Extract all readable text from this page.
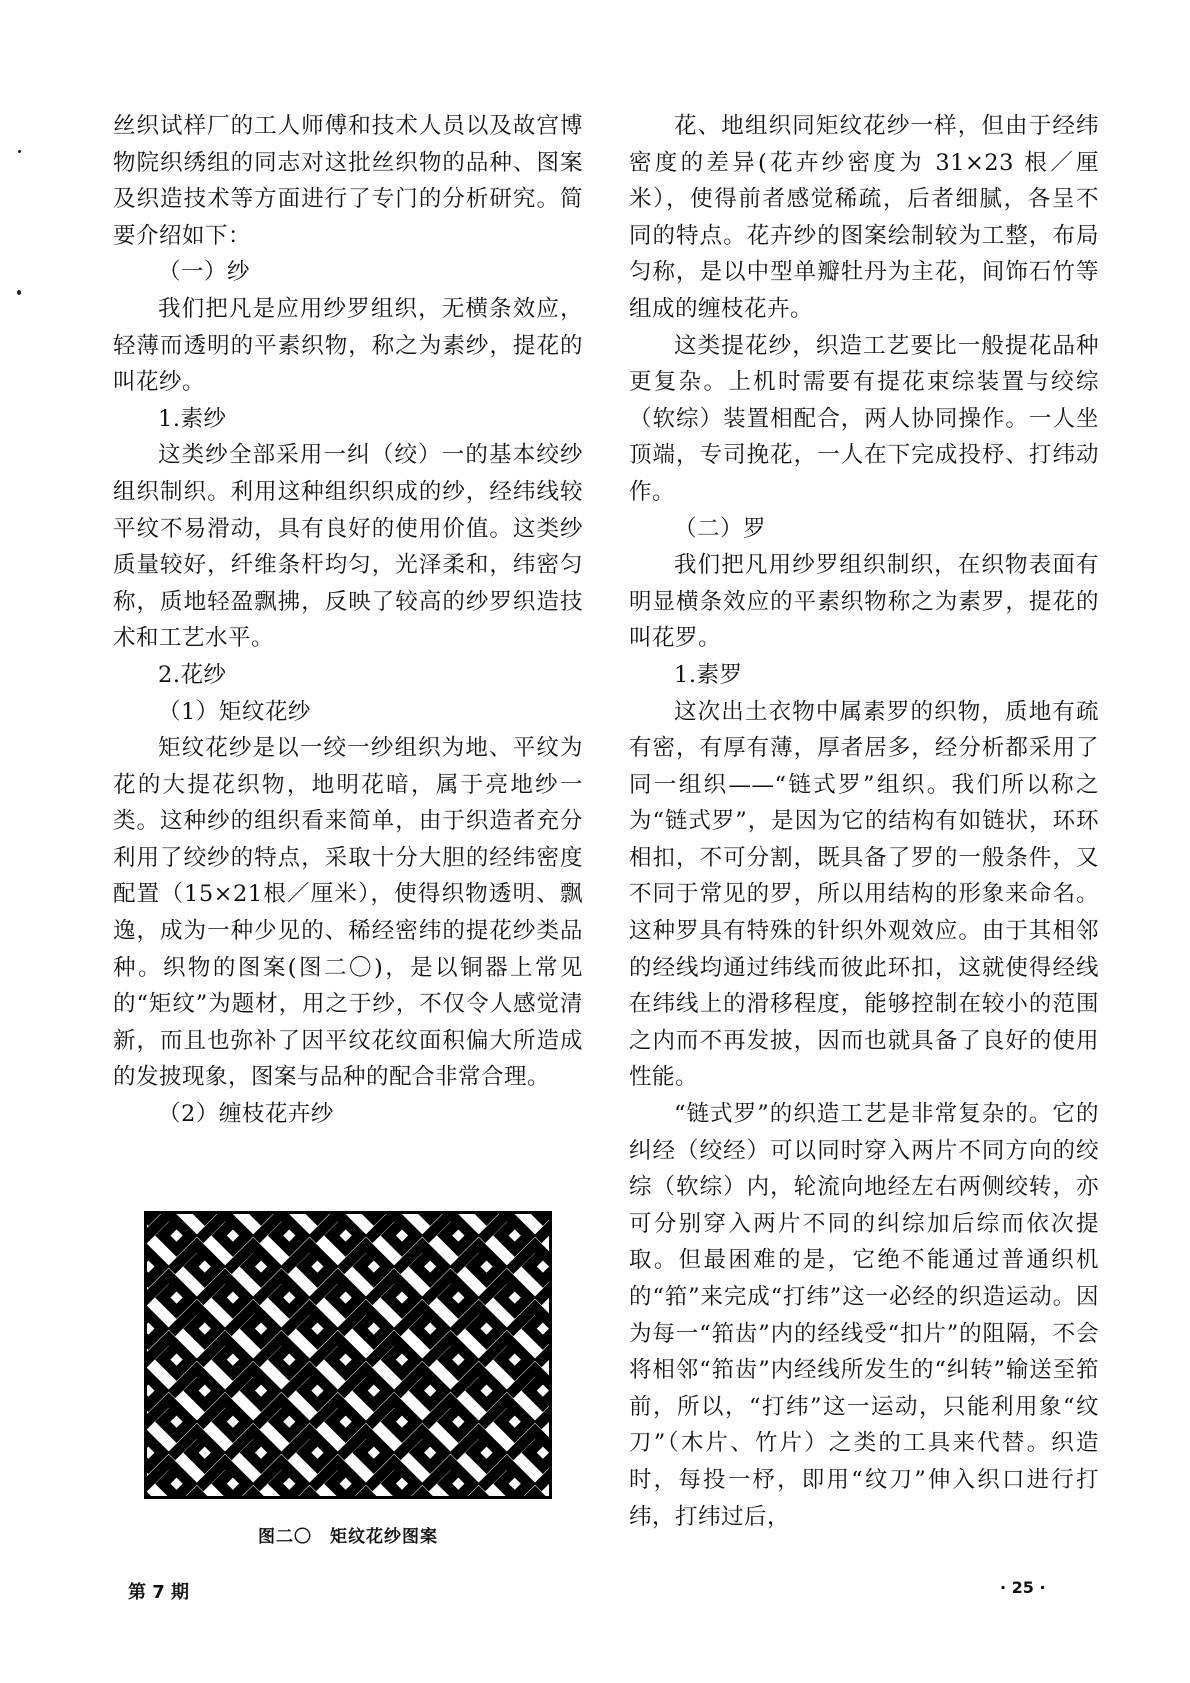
丝织试样厂的工人师傅和技术人员以及故宫博物院织绣组的同志对这批丝织物的品种、图案及织造技术等方面进行了专门的分析研究。简要介绍如下：

（一）纱

我们把凡是应用纱罗组织，无横条效应，轻薄而透明的平素织物，称之为素纱，提花的叫花纱。

1.素纱

这类纱全部采用一纠（绞）一的基本绞纱组织制织。利用这种组织织成的纱，经纬线较平纹不易滑动，具有良好的使用价值。这类纱质量较好，纤维条杆均匀，光泽柔和，纬密匀称，质地轻盈飘拂，反映了较高的纱罗织造技术和工艺水平。

2.花纱

（1）矩纹花纱

矩纹花纱是以一绞一纱组织为地、平纹为花的大提花织物，地明花暗，属于亮地纱一类。这种纱的组织看来简单，由于织造者充分利用了绞纱的特点，采取十分大胆的经纬密度配置（15×21根／厘米），使得织物透明、飘逸，成为一种少见的、稀经密纬的提花纱类品种。织物的图案(图二〇)，是以铜器上常见的“矩纹”为题材，用之于纱，不仅令人感觉清新，而且也弥补了因平纹花纹面积偏大所造成的发披现象，图案与品种的配合非常合理。

（2）缠枝花卉纱

花、地组织同矩纹花纱一样，但由于经纬密度的差异(花卉纱密度为 31×23 根／厘米），使得前者感觉稀疏，后者细腻，各呈不同的特点。花卉纱的图案绘制较为工整，布局匀称，是以中型单瓣牡丹为主花，间饰石竹等组成的缠枝花卉。

这类提花纱，织造工艺要比一般提花品种更复杂。上机时需要有提花束综装置与绞综（软综）装置相配合，两人协同操作。一人坐顶端，专司挽花，一人在下完成投杼、打纬动作。

（二）罗

我们把凡用纱罗组织制织，在织物表面有明显横条效应的平素织物称之为素罗，提花的叫花罗。

1.素罗

这次出土衣物中属素罗的织物，质地有疏有密，有厚有薄，厚者居多，经分析都采用了同一组织——“链式罗”组织。我们所以称之为“链式罗”，是因为它的结构有如链状，环环相扣，不可分割，既具备了罗的一般条件，又不同于常见的罗，所以用结构的形象来命名。这种罗具有特殊的针织外观效应。由于其相邻的经线均通过纬线而彼此环扣，这就使得经线在纬线上的滑移程度，能够控制在较小的范围之内而不再发披，因而也就具备了良好的使用性能。

“链式罗”的织造工艺是非常复杂的。它的纠经（绞经）可以同时穿入两片不同方向的绞综（软综）内，轮流向地经左右两侧绞转，亦可分别穿入两片不同的纠综加后综而依次提取。但最困难的是，它绝不能通过普通织机的“筘”来完成“打纬”这一必经的织造运动。因为每一“筘齿”内的经线受“扣片”的阻隔，不会将相邻“筘齿”内经线所发生的“纠转”输送至筘前，所以，“打纬”这一运动，只能利用象“纹刀”（木片、竹片）之类的工具来代替。织造时，每投一杼，即用“纹刀”伸入织口进行打纬，打纬过后，

图二〇　矩纹花纱图案
第 7 期	· 25 ·
